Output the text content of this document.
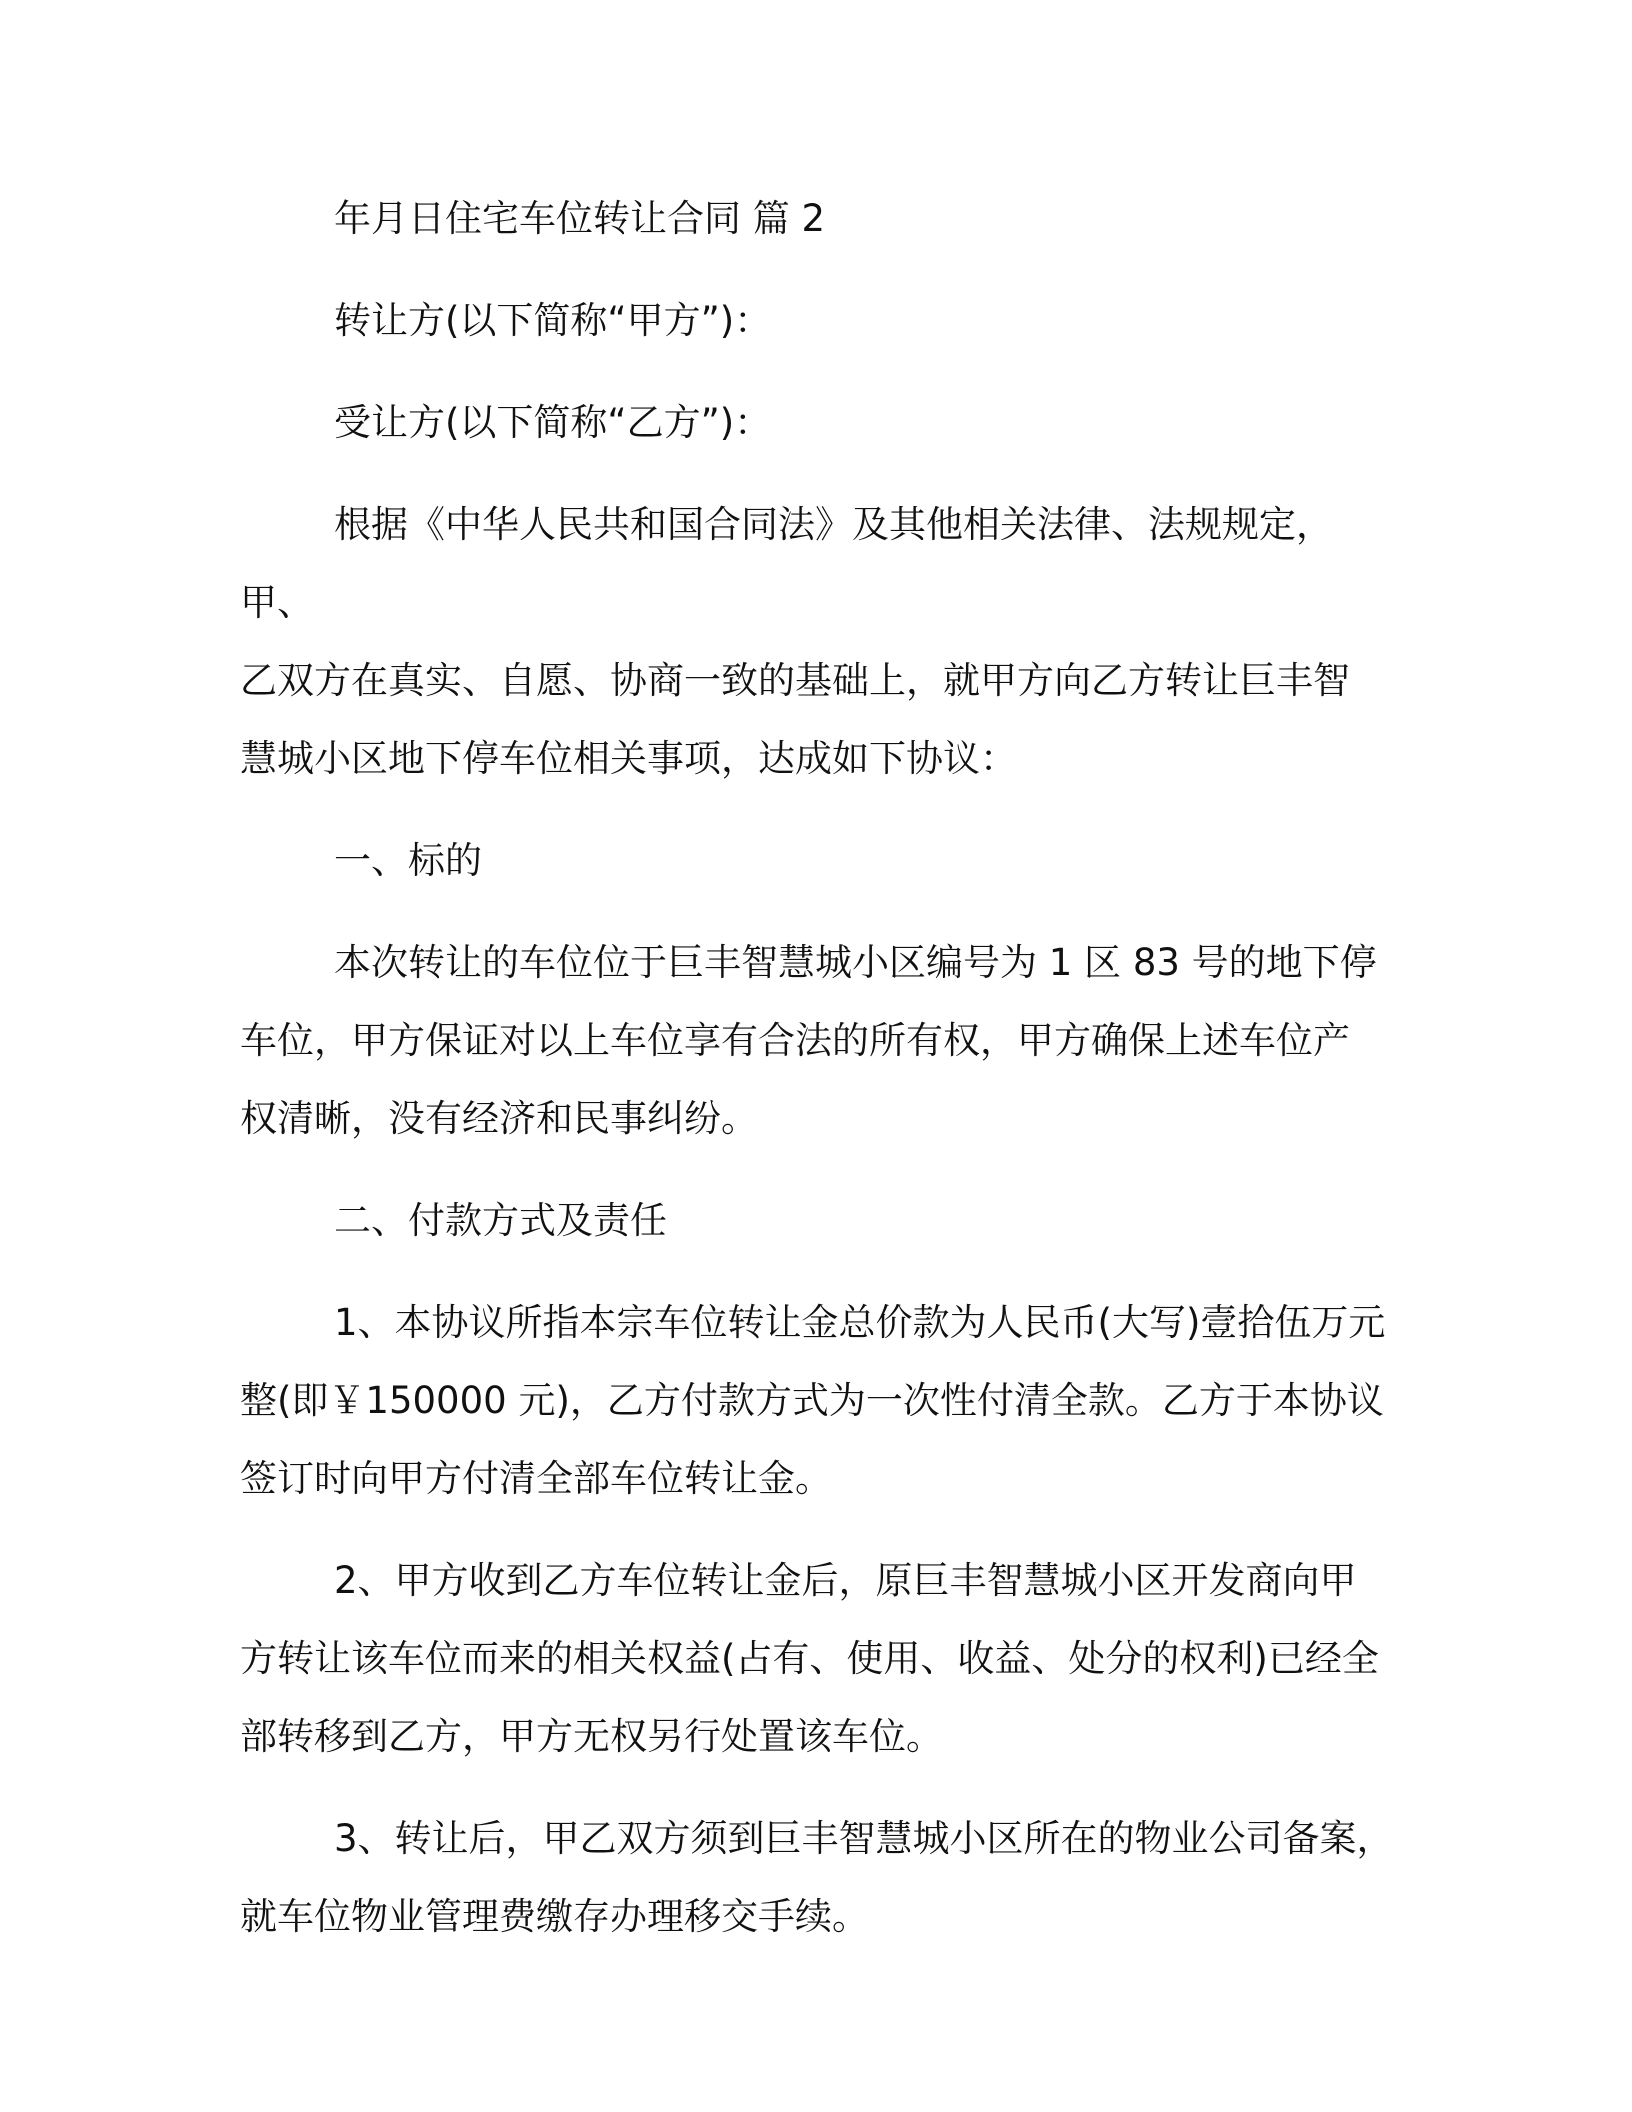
年月日住宅车位转让合同 篇 2

转让方(以下简称“甲方”)：

受让方(以下简称“乙方”)：

根据《中华人民共和国合同法》及其他相关法律、法规规定，甲、
乙双方在真实、自愿、协商一致的基础上，就甲方向乙方转让巨丰智
慧城小区地下停车位相关事项，达成如下协议：

一、标的

本次转让的车位位于巨丰智慧城小区编号为 1 区 83 号的地下停
车位，甲方保证对以上车位享有合法的所有权，甲方确保上述车位产
权清晰，没有经济和民事纠纷。

二、付款方式及责任

1、本协议所指本宗车位转让金总价款为人民币(大写)壹拾伍万元
整(即￥150000 元)，乙方付款方式为一次性付清全款。乙方于本协议
签订时向甲方付清全部车位转让金。

2、甲方收到乙方车位转让金后，原巨丰智慧城小区开发商向甲
方转让该车位而来的相关权益(占有、使用、收益、处分的权利)已经全
部转移到乙方，甲方无权另行处置该车位。

3、转让后，甲乙双方须到巨丰智慧城小区所在的物业公司备案，
就车位物业管理费缴存办理移交手续。
